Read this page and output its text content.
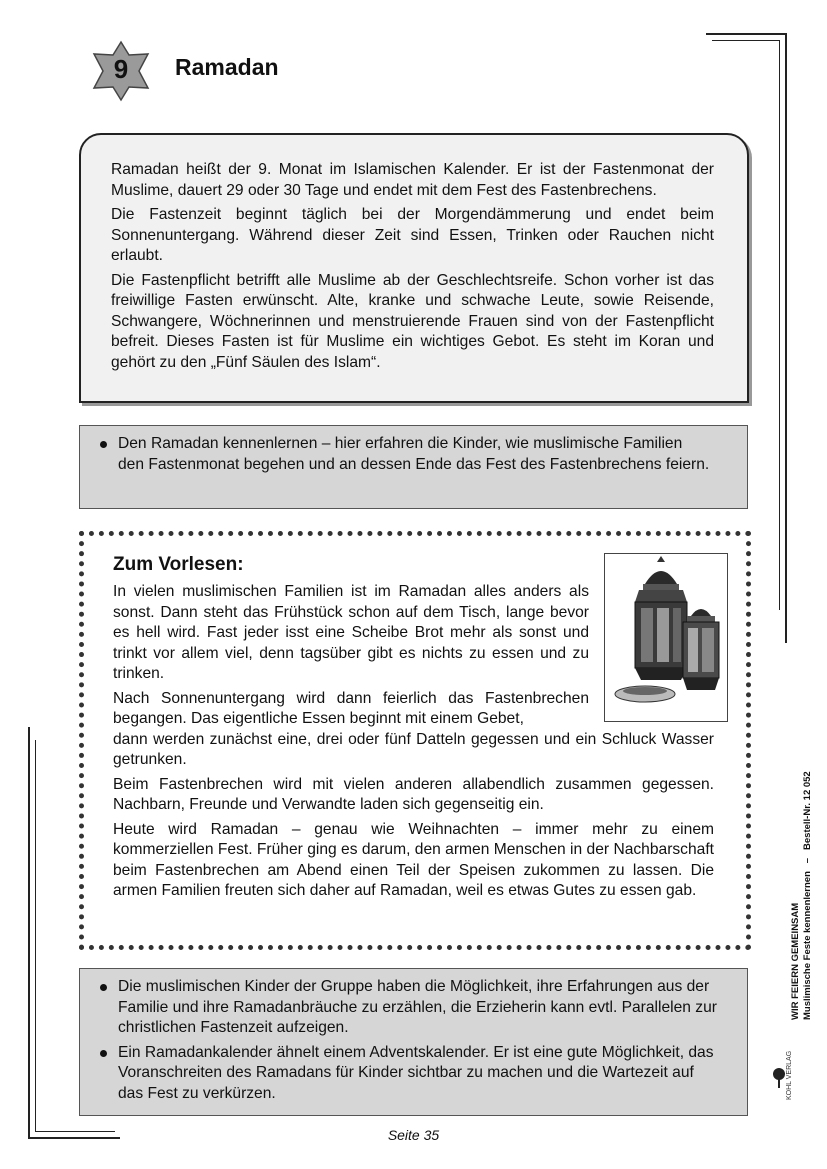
9	Ramadan

Ramadan heißt der 9. Monat im Islamischen Kalender. Er ist der Fastenmonat der Muslime, dauert 29 oder 30 Tage und endet mit dem Fest des Fastenbrechens.

Die Fastenzeit beginnt täglich bei der Morgendämmerung und endet beim Sonnenuntergang. Während dieser Zeit sind Essen, Trinken oder Rauchen nicht erlaubt.

Die Fastenpflicht betrifft alle Muslime ab der Geschlechtsreife. Schon vorher ist das freiwillige Fasten erwünscht. Alte, kranke und schwache Leute, sowie Reisende, Schwangere, Wöchnerinnen und menstruierende Frauen sind von der Fastenpflicht befreit. Dieses Fasten ist für Muslime ein wichtiges Gebot. Es steht im Koran und gehört zu den „Fünf Säulen des Islam“.

Den Ramadan kennenlernen – hier erfahren die Kinder, wie muslimische Familien den Fastenmonat begehen und an dessen Ende das Fest des Fastenbrechens feiern.
Zum Vorlesen:

In vielen muslimischen Familien ist im Ramadan alles anders als sonst. Dann steht das Frühstück schon auf dem Tisch, lange bevor es hell wird. Fast jeder isst eine Scheibe Brot mehr als sonst und trinkt vor allem viel, denn tagsüber gibt es nichts zu essen und zu trinken.

Nach Sonnenuntergang wird dann feierlich das Fastenbrechen begangen. Das eigentliche Essen beginnt mit einem Gebet,

dann werden zunächst eine, drei oder fünf Datteln gegessen und ein Schluck Wasser getrunken.

Beim Fastenbrechen wird mit vielen anderen allabendlich zusammen gegessen. Nachbarn, Freunde und Verwandte laden sich gegenseitig ein.

Heute wird Ramadan – genau wie Weihnachten – immer mehr zu einem kommerziellen Fest. Früher ging es darum, den armen Menschen in der Nachbarschaft beim Fastenbrechen am Abend einen Teil der Speisen zukommen zu lassen. Die armen Familien freuten sich daher auf Ramadan, weil es etwas Gutes zu essen gab.

Die muslimischen Kinder der Gruppe haben die Möglichkeit, ihre Erfahrungen aus der Familie und ihre Ramadanbräuche zu erzählen, die Erzieherin kann evtl. Parallelen zur christlichen Fastenzeit aufzeigen.
Ein Ramadankalender ähnelt einem Adventskalender. Er ist eine gute Möglichkeit, das Voranschreiten des Ramadans für Kinder sichtbar zu machen und die Wartezeit auf das Fest zu verkürzen.
Seite 35
WIR FEIERN GEMEINSAM Muslimische Feste kennenlernen   –   Bestell-Nr. 12 052
KOHL VERLAG
